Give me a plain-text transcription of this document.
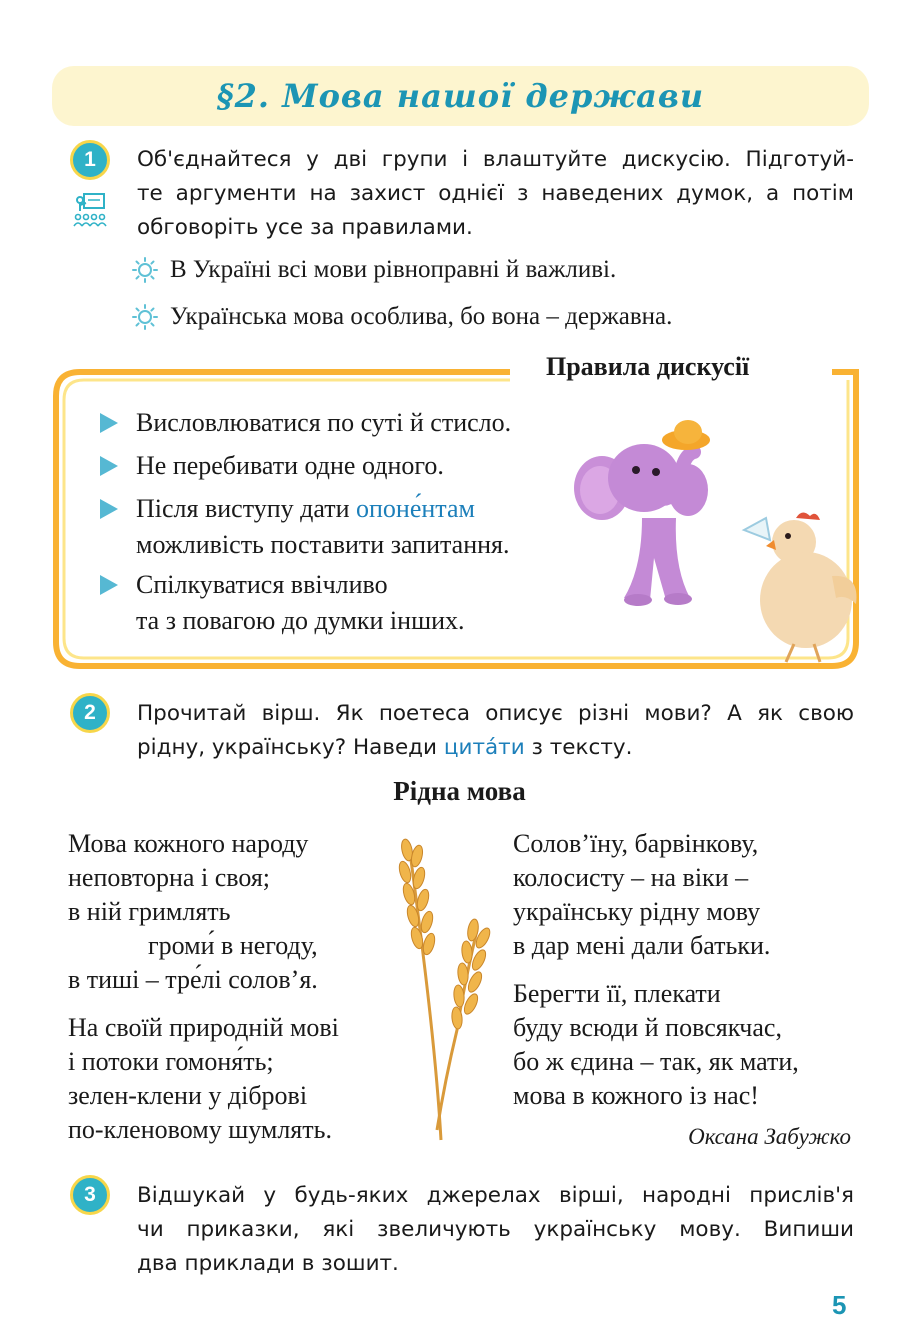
§2. Мова нашої держави
1	Об'єднайтеся у дві групи і влаштуйте дискусію. Підготуй-
те аргументи на захист однієї з наведених думок, а потім
обговоріть усе за правилами.
В Україні всі мови рівноправні й важливі.
Українська мова особлива, бо вона – державна.
Правила дискусії
Висловлюватися по суті й стисло.
Не перебивати одне одного.
Після виступу дати опоне́нтам
можливість поставити запитання.
Спілкуватися ввічливо
та з повагою до думки інших.
2	Прочитай вірш. Як поетеса описує різні мови? А як свою
рідну, українську? Наведи цита́ти з тексту.
Рідна мова
Мова кожного народу
неповторна і своя;
в ній гримлять
громи́ в негоду,
в тиші – тре́лі солов’я.
На своїй природній мові
і потоки гомоня́ть;
зелен-клени у діброві
по-кленовому шумлять.
Солов’їну, барвінкову,
колосисту – на віки –
українську рідну мову
в дар мені дали батьки.
Берегти її, плекати
буду всюди й повсякчас,
бо ж єдина – так, як мати,
мова в кожного із нас!
Оксана Забужко
3	Відшукай у будь-яких джерелах вірші, народні прислів'я
чи приказки, які звеличують українську мову. Випиши
два приклади в зошит.
5
